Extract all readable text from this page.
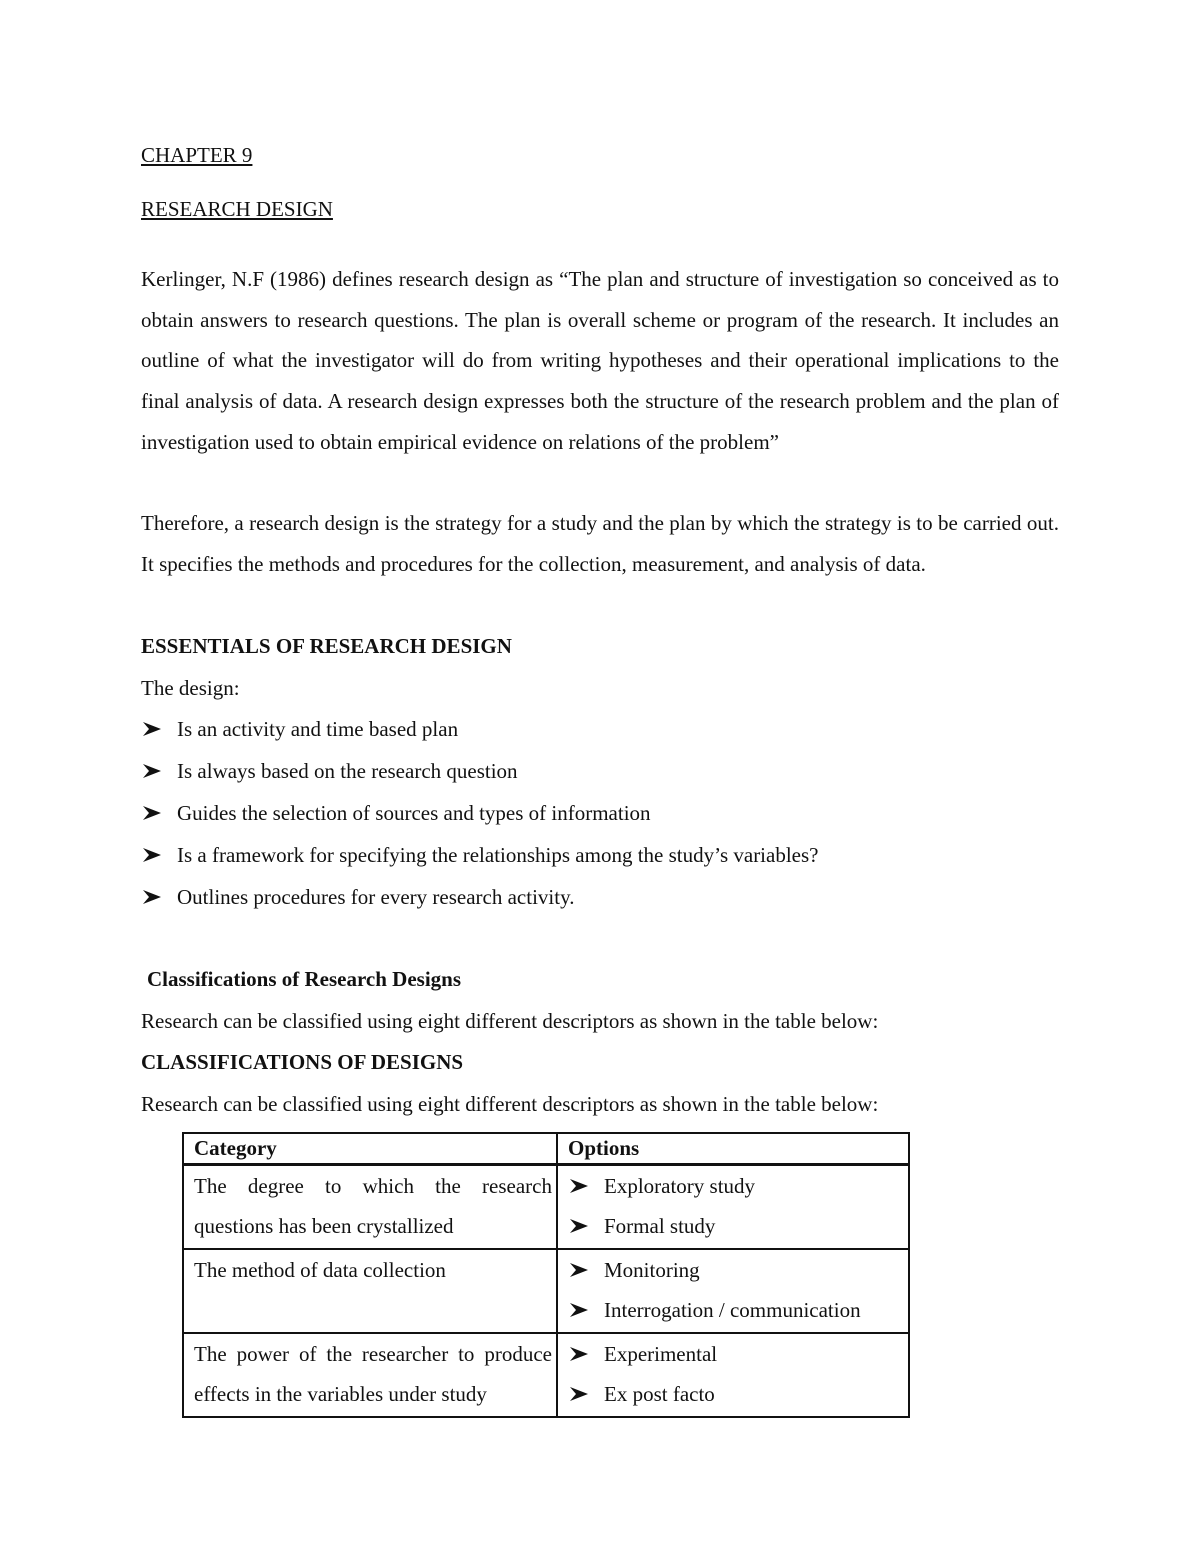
CHAPTER 9
RESEARCH DESIGN
Kerlinger, N.F (1986) defines research design as “The plan and structure of investigation so conceived as to obtain answers to research questions. The plan is overall scheme or program of the research. It includes an outline of what the investigator will do from writing hypotheses and their operational implications to the final analysis of data. A research design expresses both the structure of the research problem and the plan of investigation used to obtain empirical evidence on relations of the problem”
Therefore, a research design is the strategy for a study and the plan by which the strategy is to be carried out. It specifies the methods and procedures for the collection, measurement, and analysis of data.
ESSENTIALS OF RESEARCH DESIGN
The design:
Is an activity and time based plan
Is always based on the research question
Guides the selection of sources and types of information
Is a framework for specifying the relationships among the study’s variables?
Outlines procedures for every research activity.
Classifications of Research Designs
Research can be classified using eight different descriptors as shown in the table below:
CLASSIFICATIONS OF DESIGNS
Research can be classified using eight different descriptors as shown in the table below:
Category	Options
The degree to which the research questions has been crystallized	Exploratory study
Formal study

The method of data collection	Monitoring
Interrogation / communication

The power of the researcher to produce effects in the variables under study	Experimental
Ex post facto
